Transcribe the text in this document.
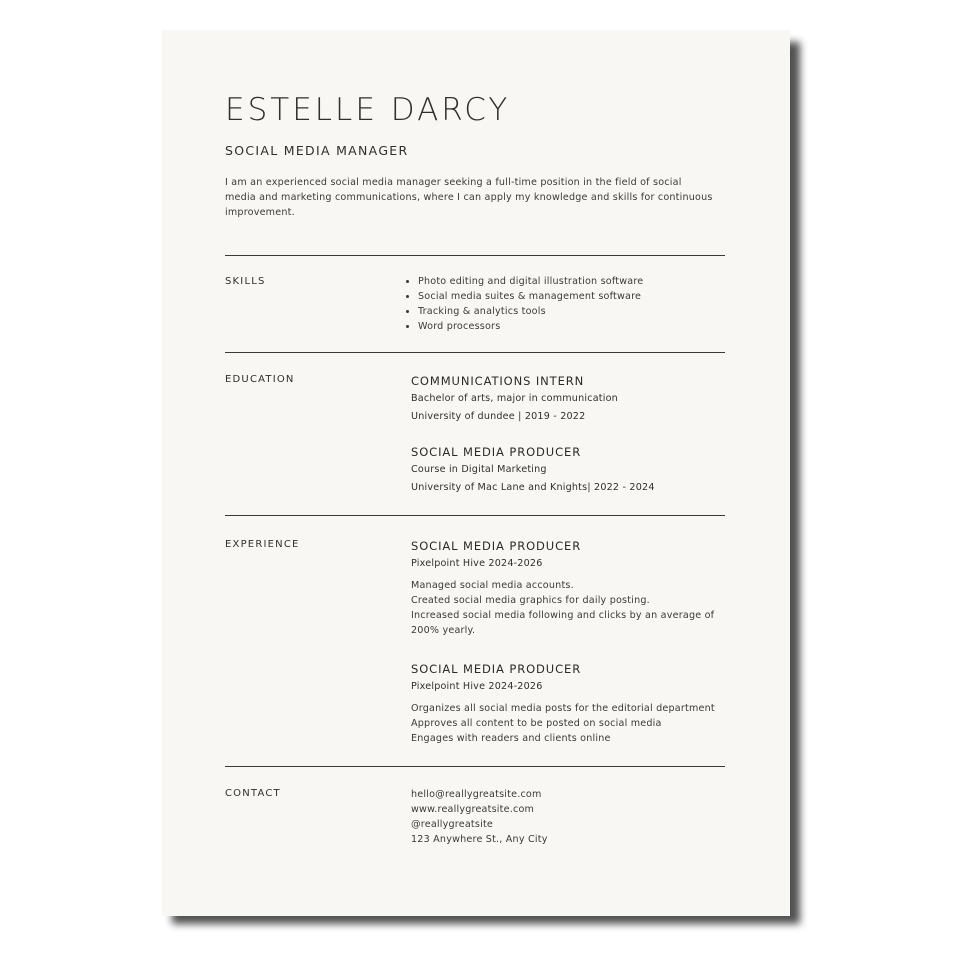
ESTELLE DARCY
SOCIAL MEDIA MANAGER
I am an experienced social media manager seeking a full-time position in the field of social media and marketing communications, where I can apply my knowledge and skills for continuous improvement.
SKILLS
•	Photo editing and digital illustration software
• Social media suites & management software
• Tracking & analytics tools
• Word processors
EDUCATION	COMMUNICATIONS INTERN
Bachelor of arts, major in communication
University of dundee | 2019 - 2022
SOCIAL MEDIA PRODUCER
Course in Digital Marketing
University of Mac Lane and Knights| 2022 - 2024
EXPERIENCE	SOCIAL MEDIA PRODUCER
Pixelpoint Hive 2024-2026
Managed social media accounts.
Created social media graphics for daily posting.
Increased social media following and clicks by an average of 200% yearly.
SOCIAL MEDIA PRODUCER
Pixelpoint Hive 2024-2026
Organizes all social media posts for the editorial department
Approves all content to be posted on social media
Engages with readers and clients online
CONTACT	hello@reallygreatsite.com
www.reallygreatsite.com
@reallygreatsite
123 Anywhere St., Any City
